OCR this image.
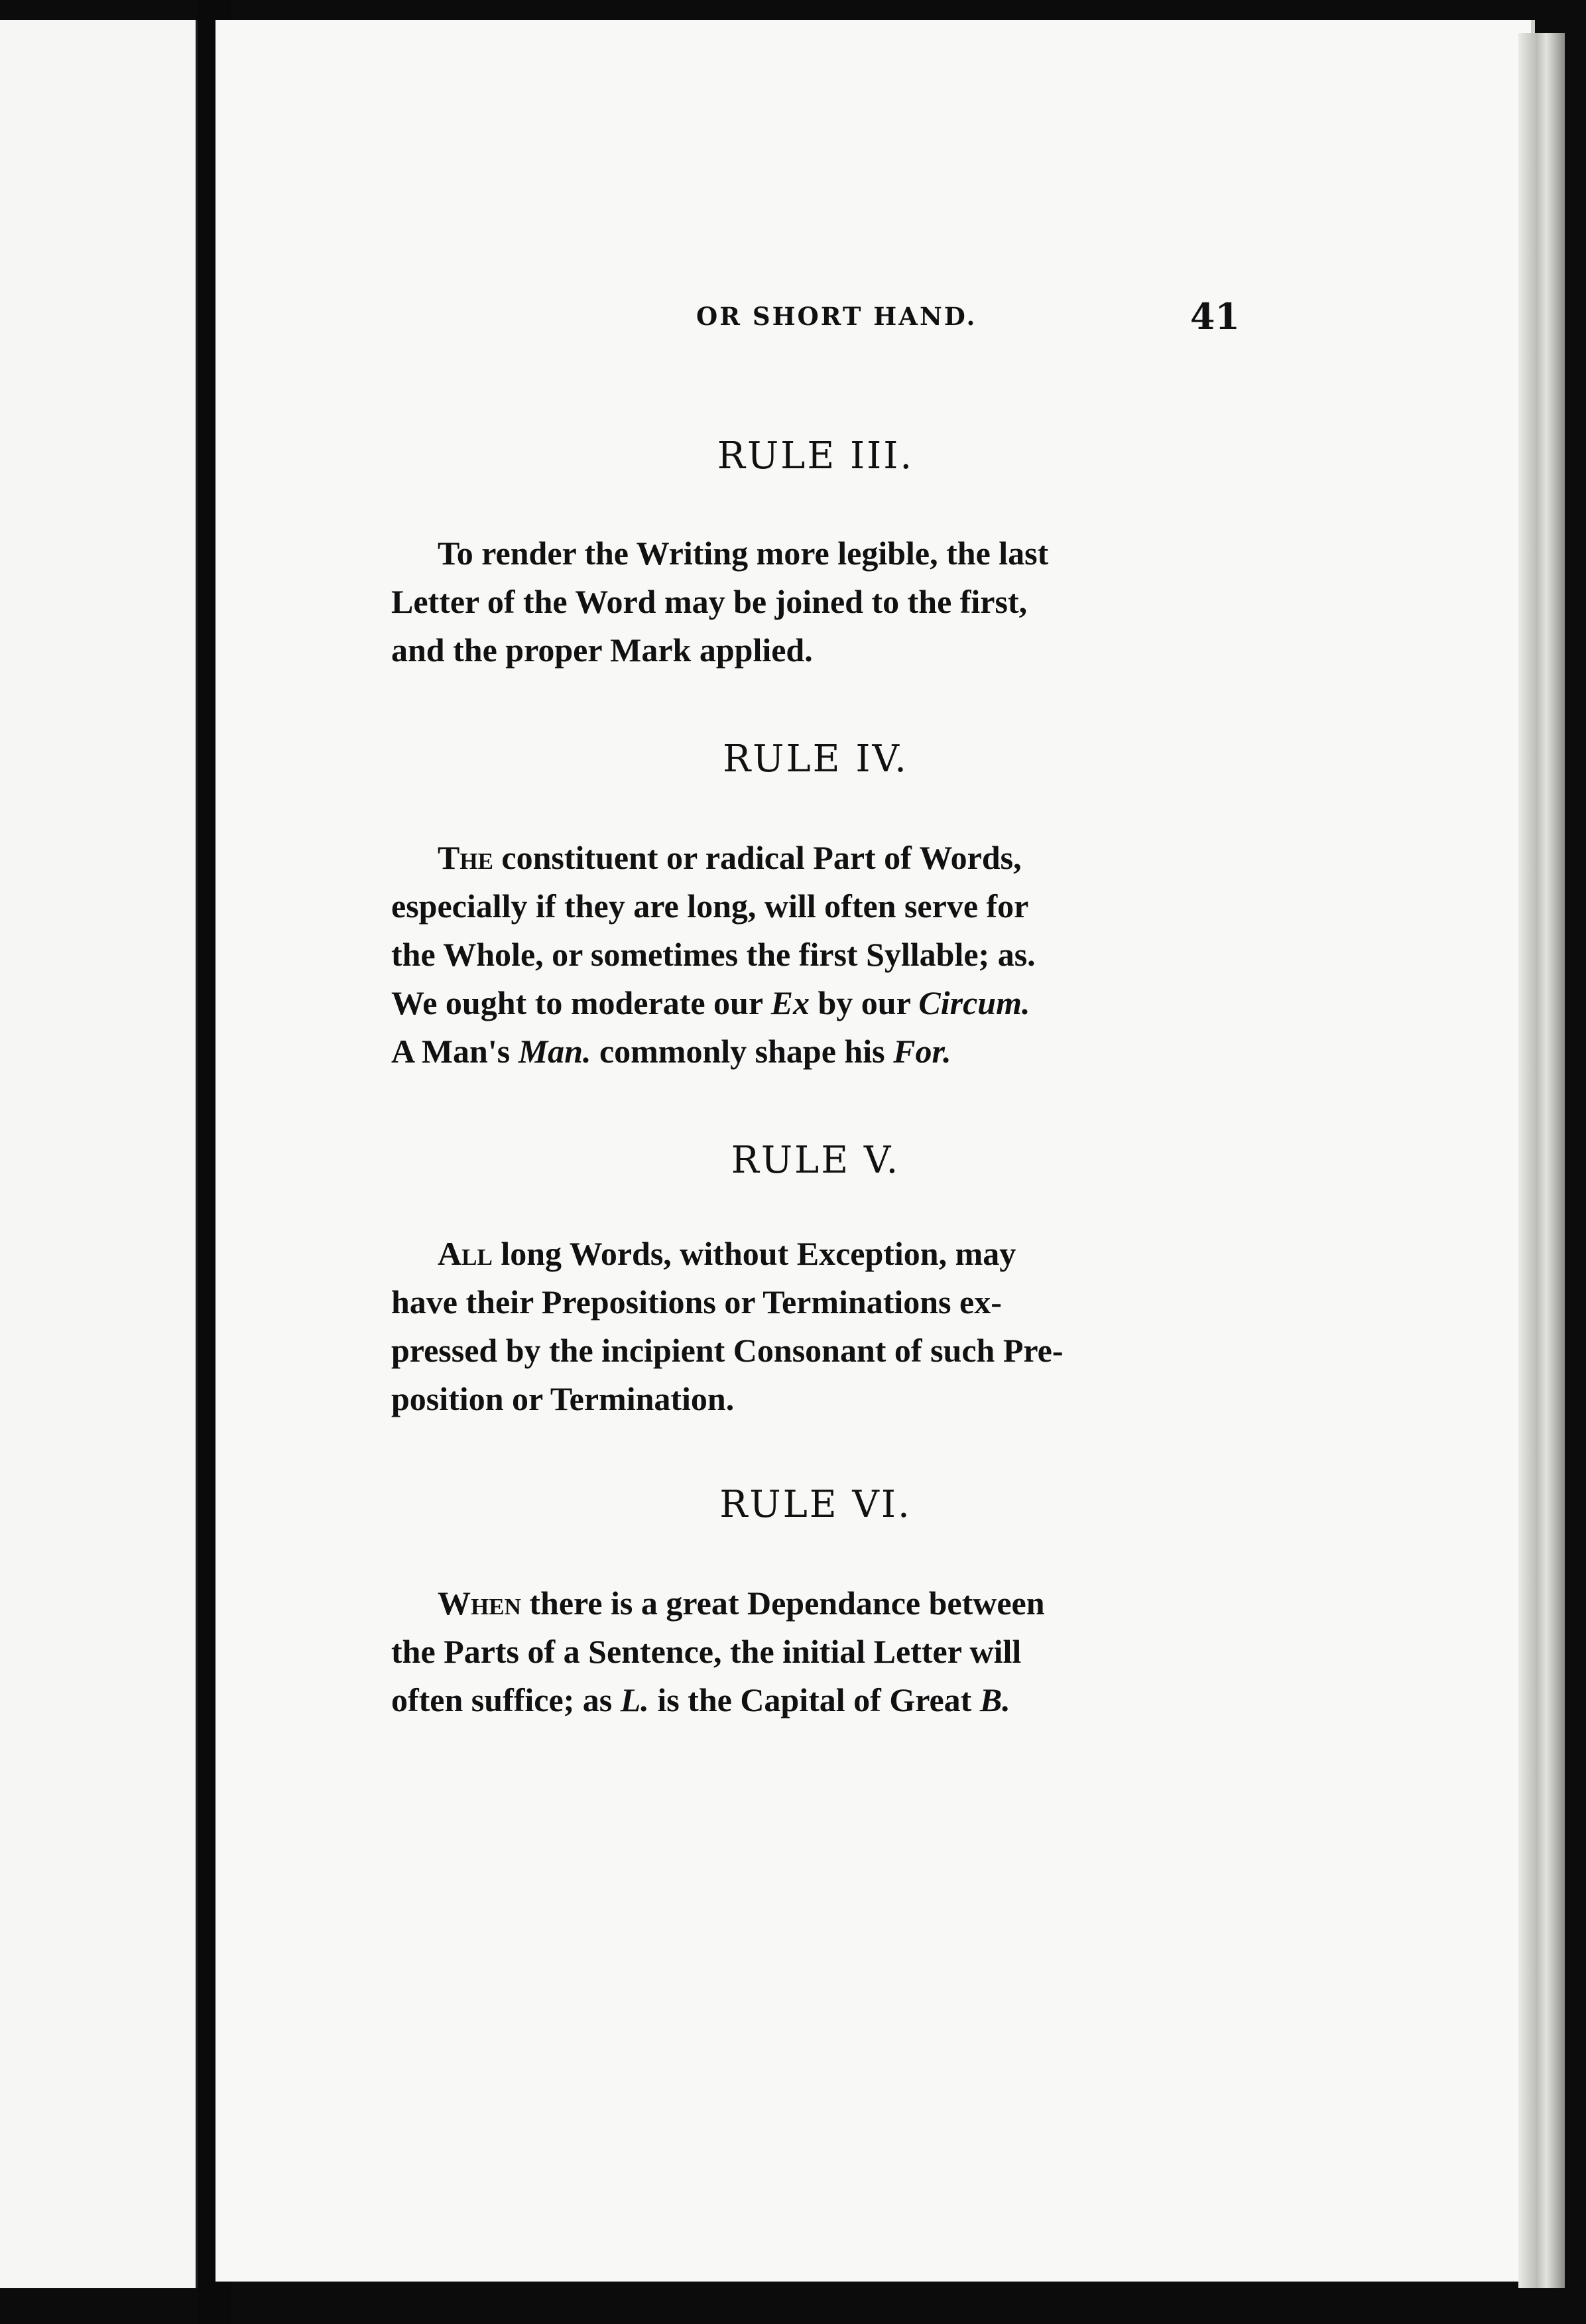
OR SHORT HAND.	41
RULE III.

To render the Writing more legible, the last

Letter of the Word may be joined to the first,

and the proper Mark applied.

RULE IV.

The constituent or radical Part of Words,

especially if they are long, will often serve for

the Whole, or sometimes the first Syllable; as.

We ought to moderate our Ex by our Circum.

A Man's Man. commonly shape his For.

RULE V.

All long Words, without Exception, may

have their Prepositions or Terminations ex-

pressed by the incipient Consonant of such Pre-

position or Termination.

RULE VI.

When there is a great Dependance between

the Parts of a Sentence, the initial Letter will

often suffice; as L. is the Capital of Great B.
